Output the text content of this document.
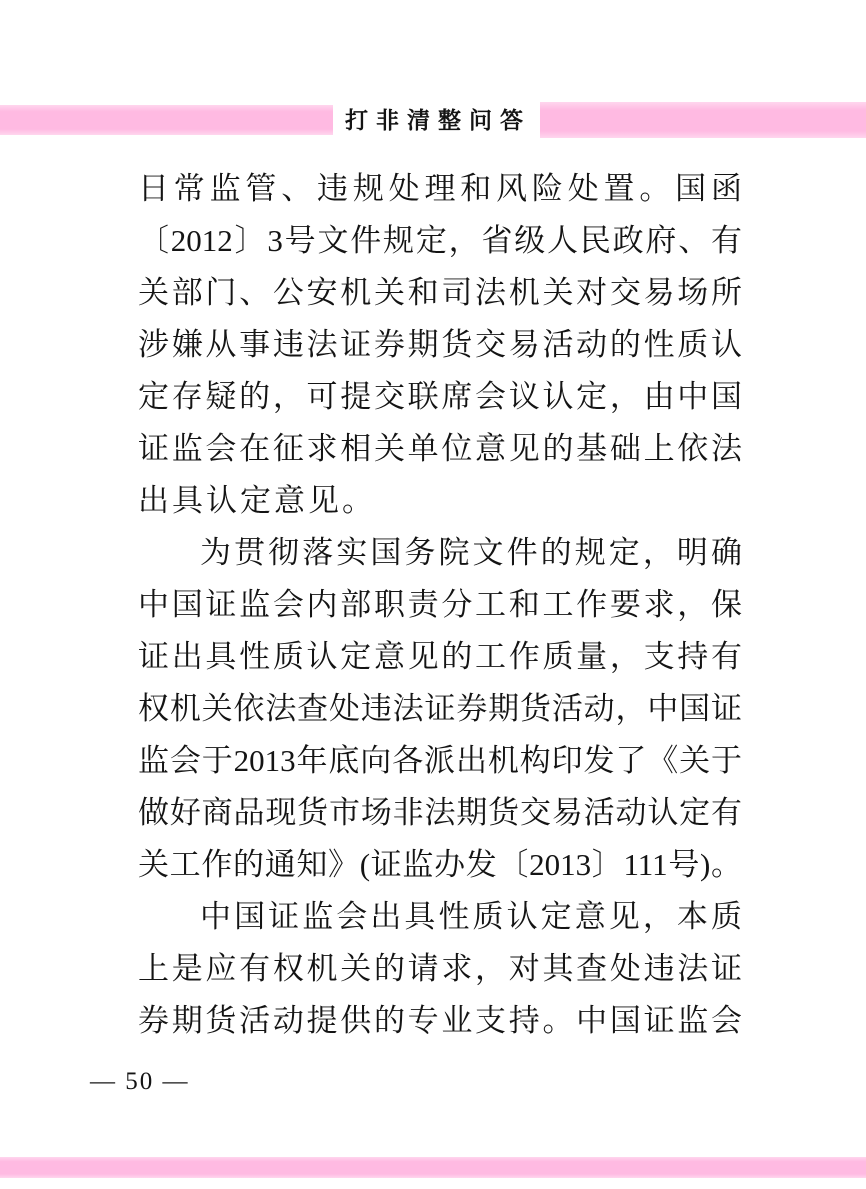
打非清整问答
日常监管、违规处理和风险处置。国函
〔2012〕3号文件规定，省级人民政府、有
关部门、公安机关和司法机关对交易场所
涉嫌从事违法证券期货交易活动的性质认
定存疑的，可提交联席会议认定，由中国
证监会在征求相关单位意见的基础上依法
出具认定意见。
为贯彻落实国务院文件的规定，明确
中国证监会内部职责分工和工作要求，保
证出具性质认定意见的工作质量，支持有
权机关依法查处违法证券期货活动，中国证
监会于2013年底向各派出机构印发了《关于
做好商品现货市场非法期货交易活动认定有
关工作的通知》(证监办发〔2013〕111号)。
中国证监会出具性质认定意见，本质
上是应有权机关的请求，对其查处违法证
券期货活动提供的专业支持。中国证监会
— 50 —
